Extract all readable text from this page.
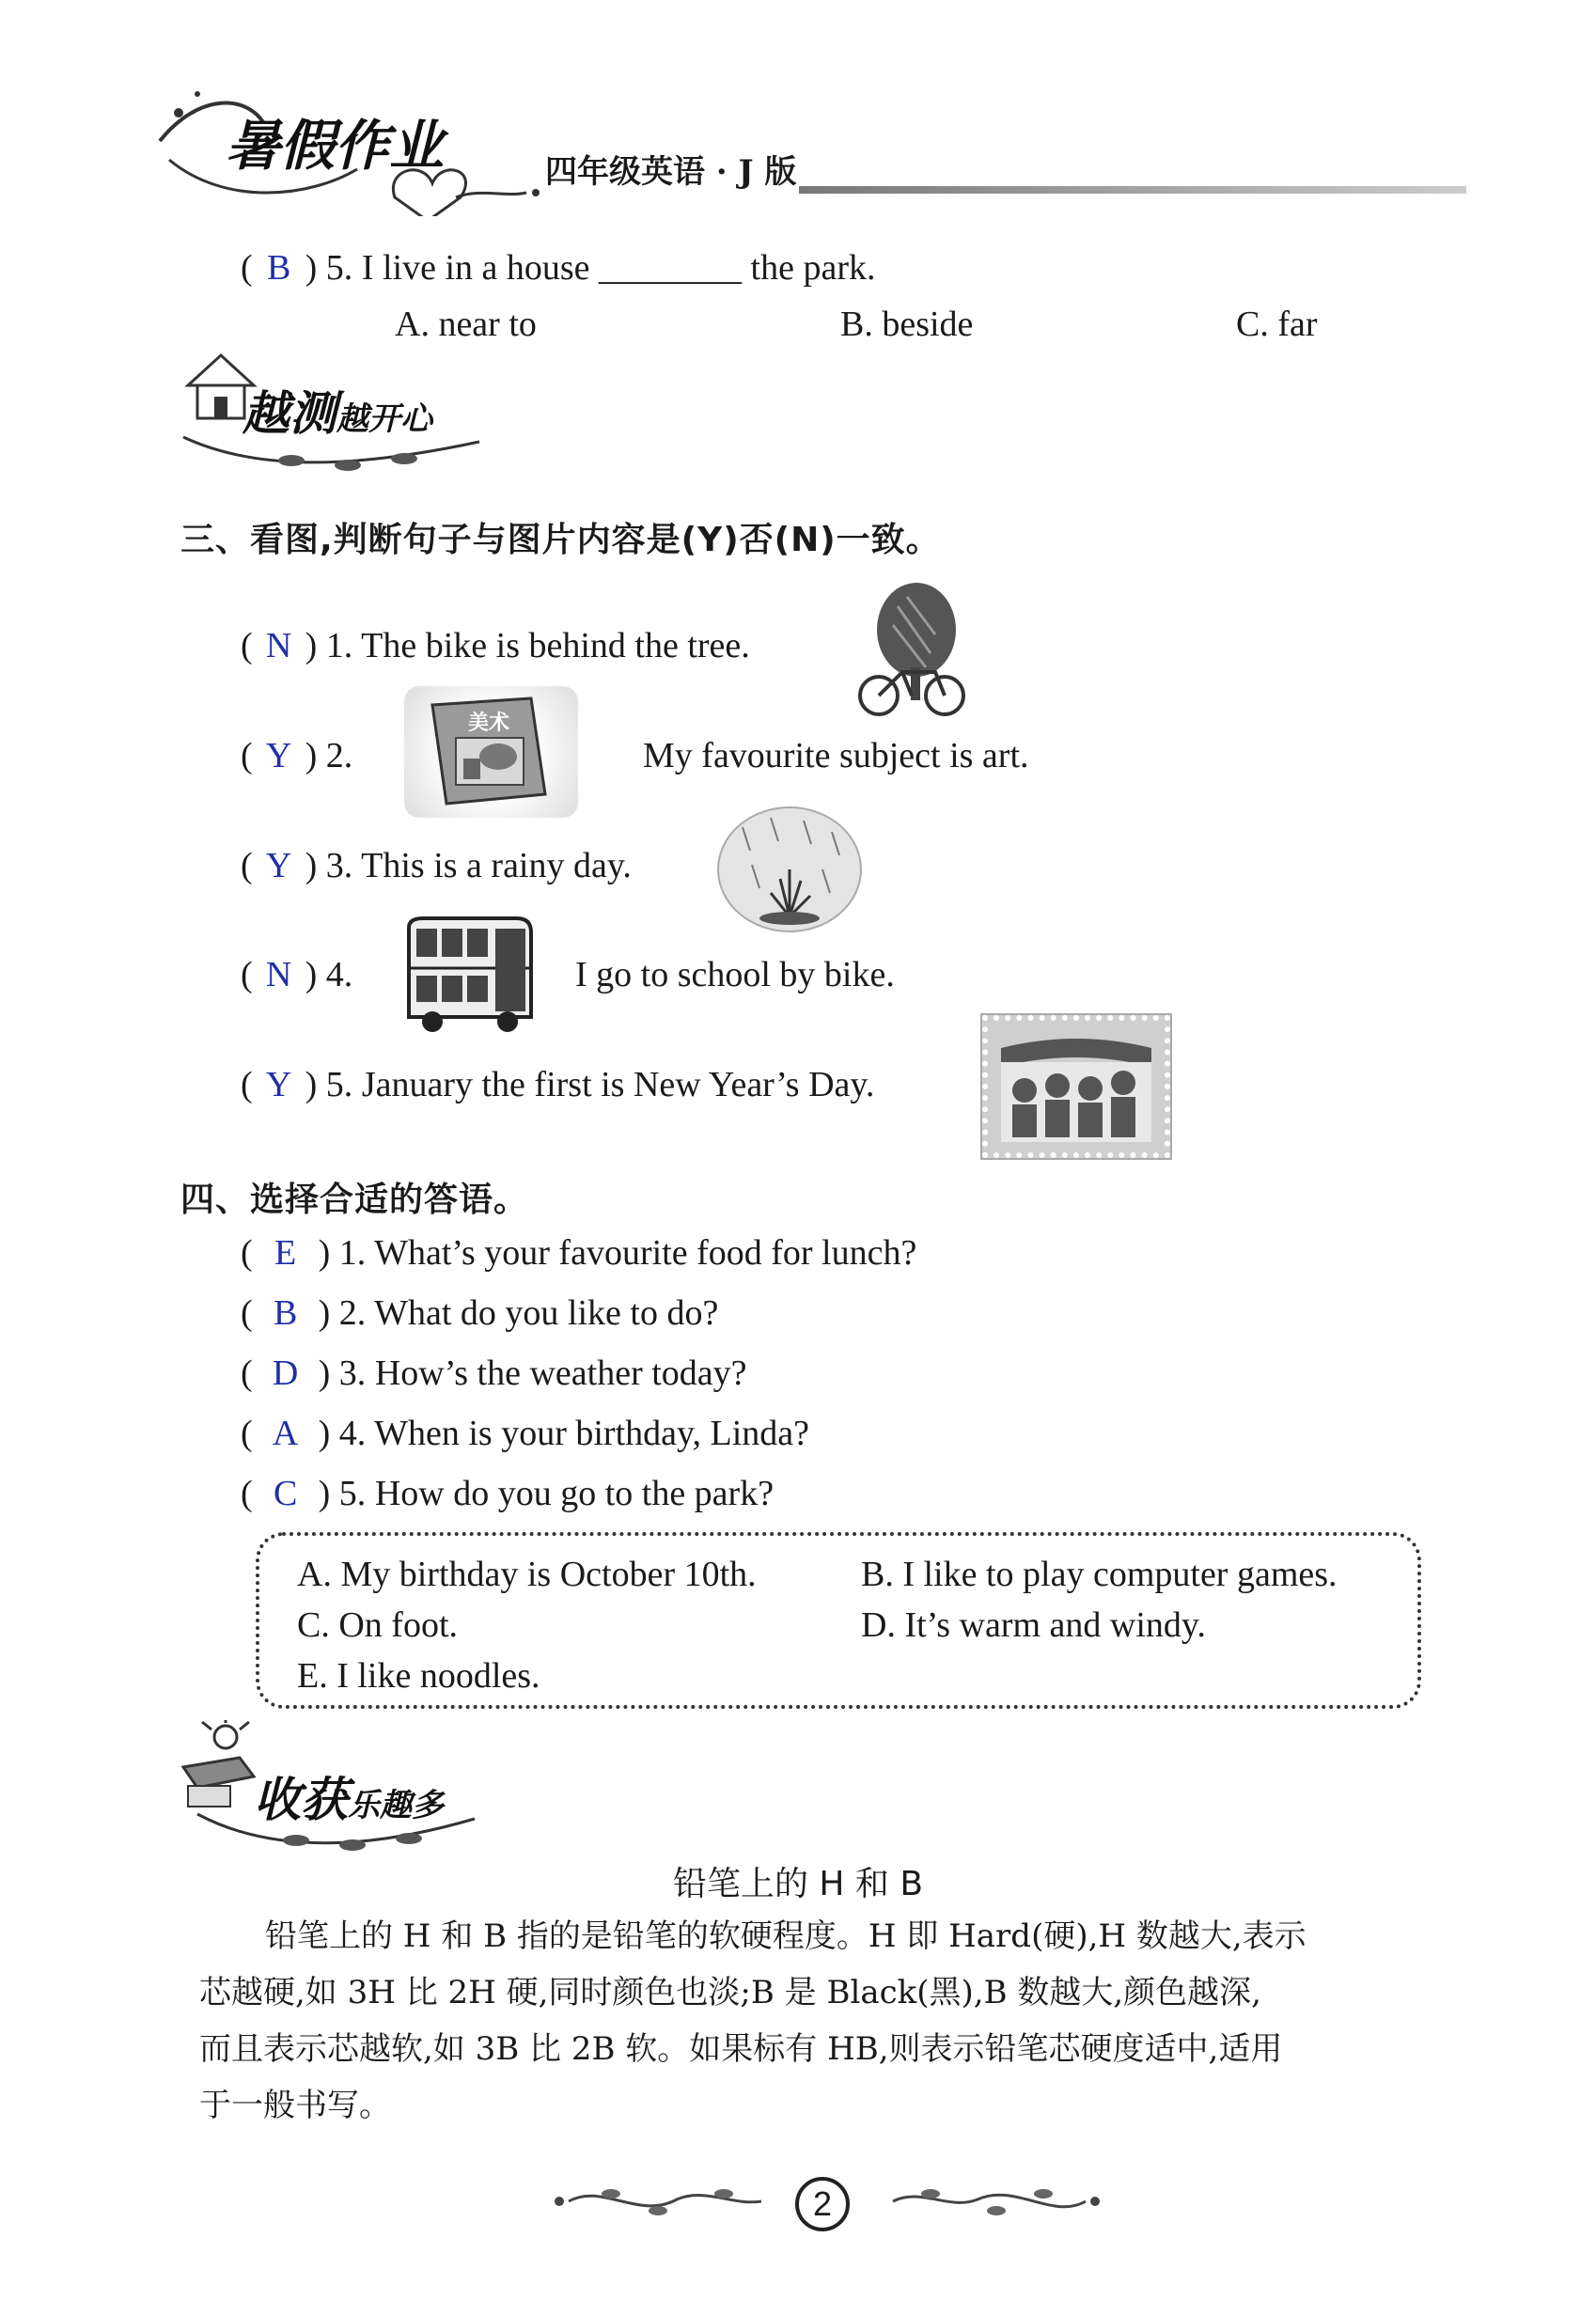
暑假作业	四年级英语 · J 版
( B ) 5. I live in a house ________ the park.
A. near to	B. beside	C. far
越测越开心
三、看图,判断句子与图片内容是(Y)否(N)一致。
( N ) 1. The bike is behind the tree.
( Y ) 2.
美术
My favourite subject is art.
( Y ) 3. This is a rainy day.
( N ) 4.	I go to school by bike.
( Y ) 5. January the first is New Year’s Day.
四、选择合适的答语。
( E ) 1. What’s your favourite food for lunch?
( B ) 2. What do you like to do?
( D ) 3. How’s the weather today?
( A ) 4. When is your birthday, Linda?
( C ) 5. How do you go to the park?
A. My birthday is October 10th.	B. I like to play computer games.
C. On foot.	D. It’s warm and windy.
E. I like noodles.
收获乐趣多
铅笔上的 H 和 B
铅笔上的 H 和 B 指的是铅笔的软硬程度。H 即 Hard(硬),H 数越大,表示
芯越硬,如 3H 比 2H 硬,同时颜色也淡;B 是 Black(黑),B 数越大,颜色越深,
而且表示芯越软,如 3B 比 2B 软。如果标有 HB,则表示铅笔芯硬度适中,适用
于一般书写。
2
